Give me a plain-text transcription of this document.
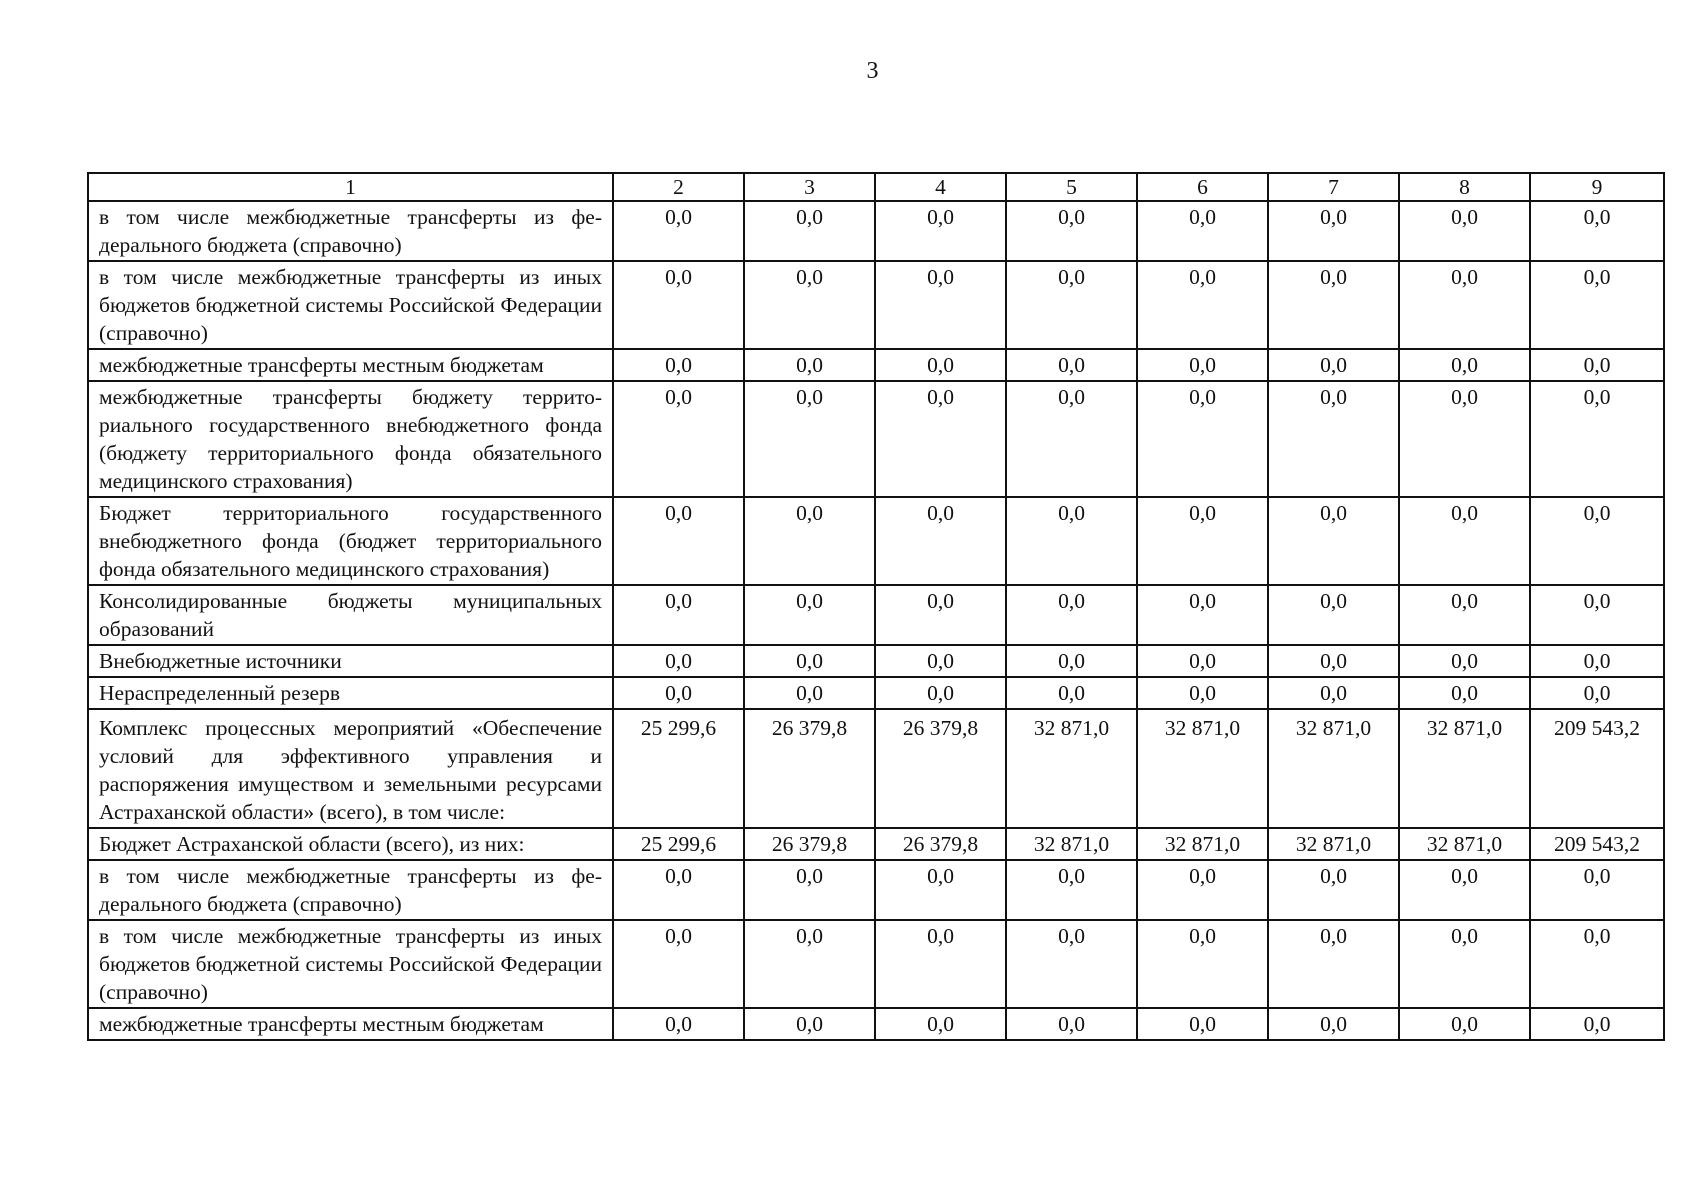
3
1	2	3	4	5	6	7	8	9
в том числе межбюджетные трансферты из федерального бюджета (справочно)	0,0	0,0	0,0	0,0	0,0	0,0	0,0	0,0
в том числе межбюджетные трансферты из иных бюджетов бюджетной системы Российской Федерации (справочно)	0,0	0,0	0,0	0,0	0,0	0,0	0,0	0,0
межбюджетные трансферты местным бюджетам	0,0	0,0	0,0	0,0	0,0	0,0	0,0	0,0
межбюджетные трансферты бюджету территориального государственного внебюджетного фонда (бюджету территориального фонда обязательного медицинского страхования)	0,0	0,0	0,0	0,0	0,0	0,0	0,0	0,0
Бюджет территориального государственного внебюджетного фонда (бюджет территориального фонда обязательного медицинского страхования)	0,0	0,0	0,0	0,0	0,0	0,0	0,0	0,0
Консолидированные бюджеты муниципальных образований	0,0	0,0	0,0	0,0	0,0	0,0	0,0	0,0
Внебюджетные источники	0,0	0,0	0,0	0,0	0,0	0,0	0,0	0,0
Нераспределенный резерв	0,0	0,0	0,0	0,0	0,0	0,0	0,0	0,0
Комплекс процессных мероприятий «Обеспечение условий для эффективного управления и распоряжения имуществом и земельными ресурсами Астраханской области» (всего), в том числе:	25 299,6	26 379,8	26 379,8	32 871,0	32 871,0	32 871,0	32 871,0	209 543,2
Бюджет Астраханской области (всего), из них:	25 299,6	26 379,8	26 379,8	32 871,0	32 871,0	32 871,0	32 871,0	209 543,2
в том числе межбюджетные трансферты из федерального бюджета (справочно)	0,0	0,0	0,0	0,0	0,0	0,0	0,0	0,0
в том числе межбюджетные трансферты из иных бюджетов бюджетной системы Российской Федерации (справочно)	0,0	0,0	0,0	0,0	0,0	0,0	0,0	0,0
межбюджетные трансферты местным бюджетам	0,0	0,0	0,0	0,0	0,0	0,0	0,0	0,0
